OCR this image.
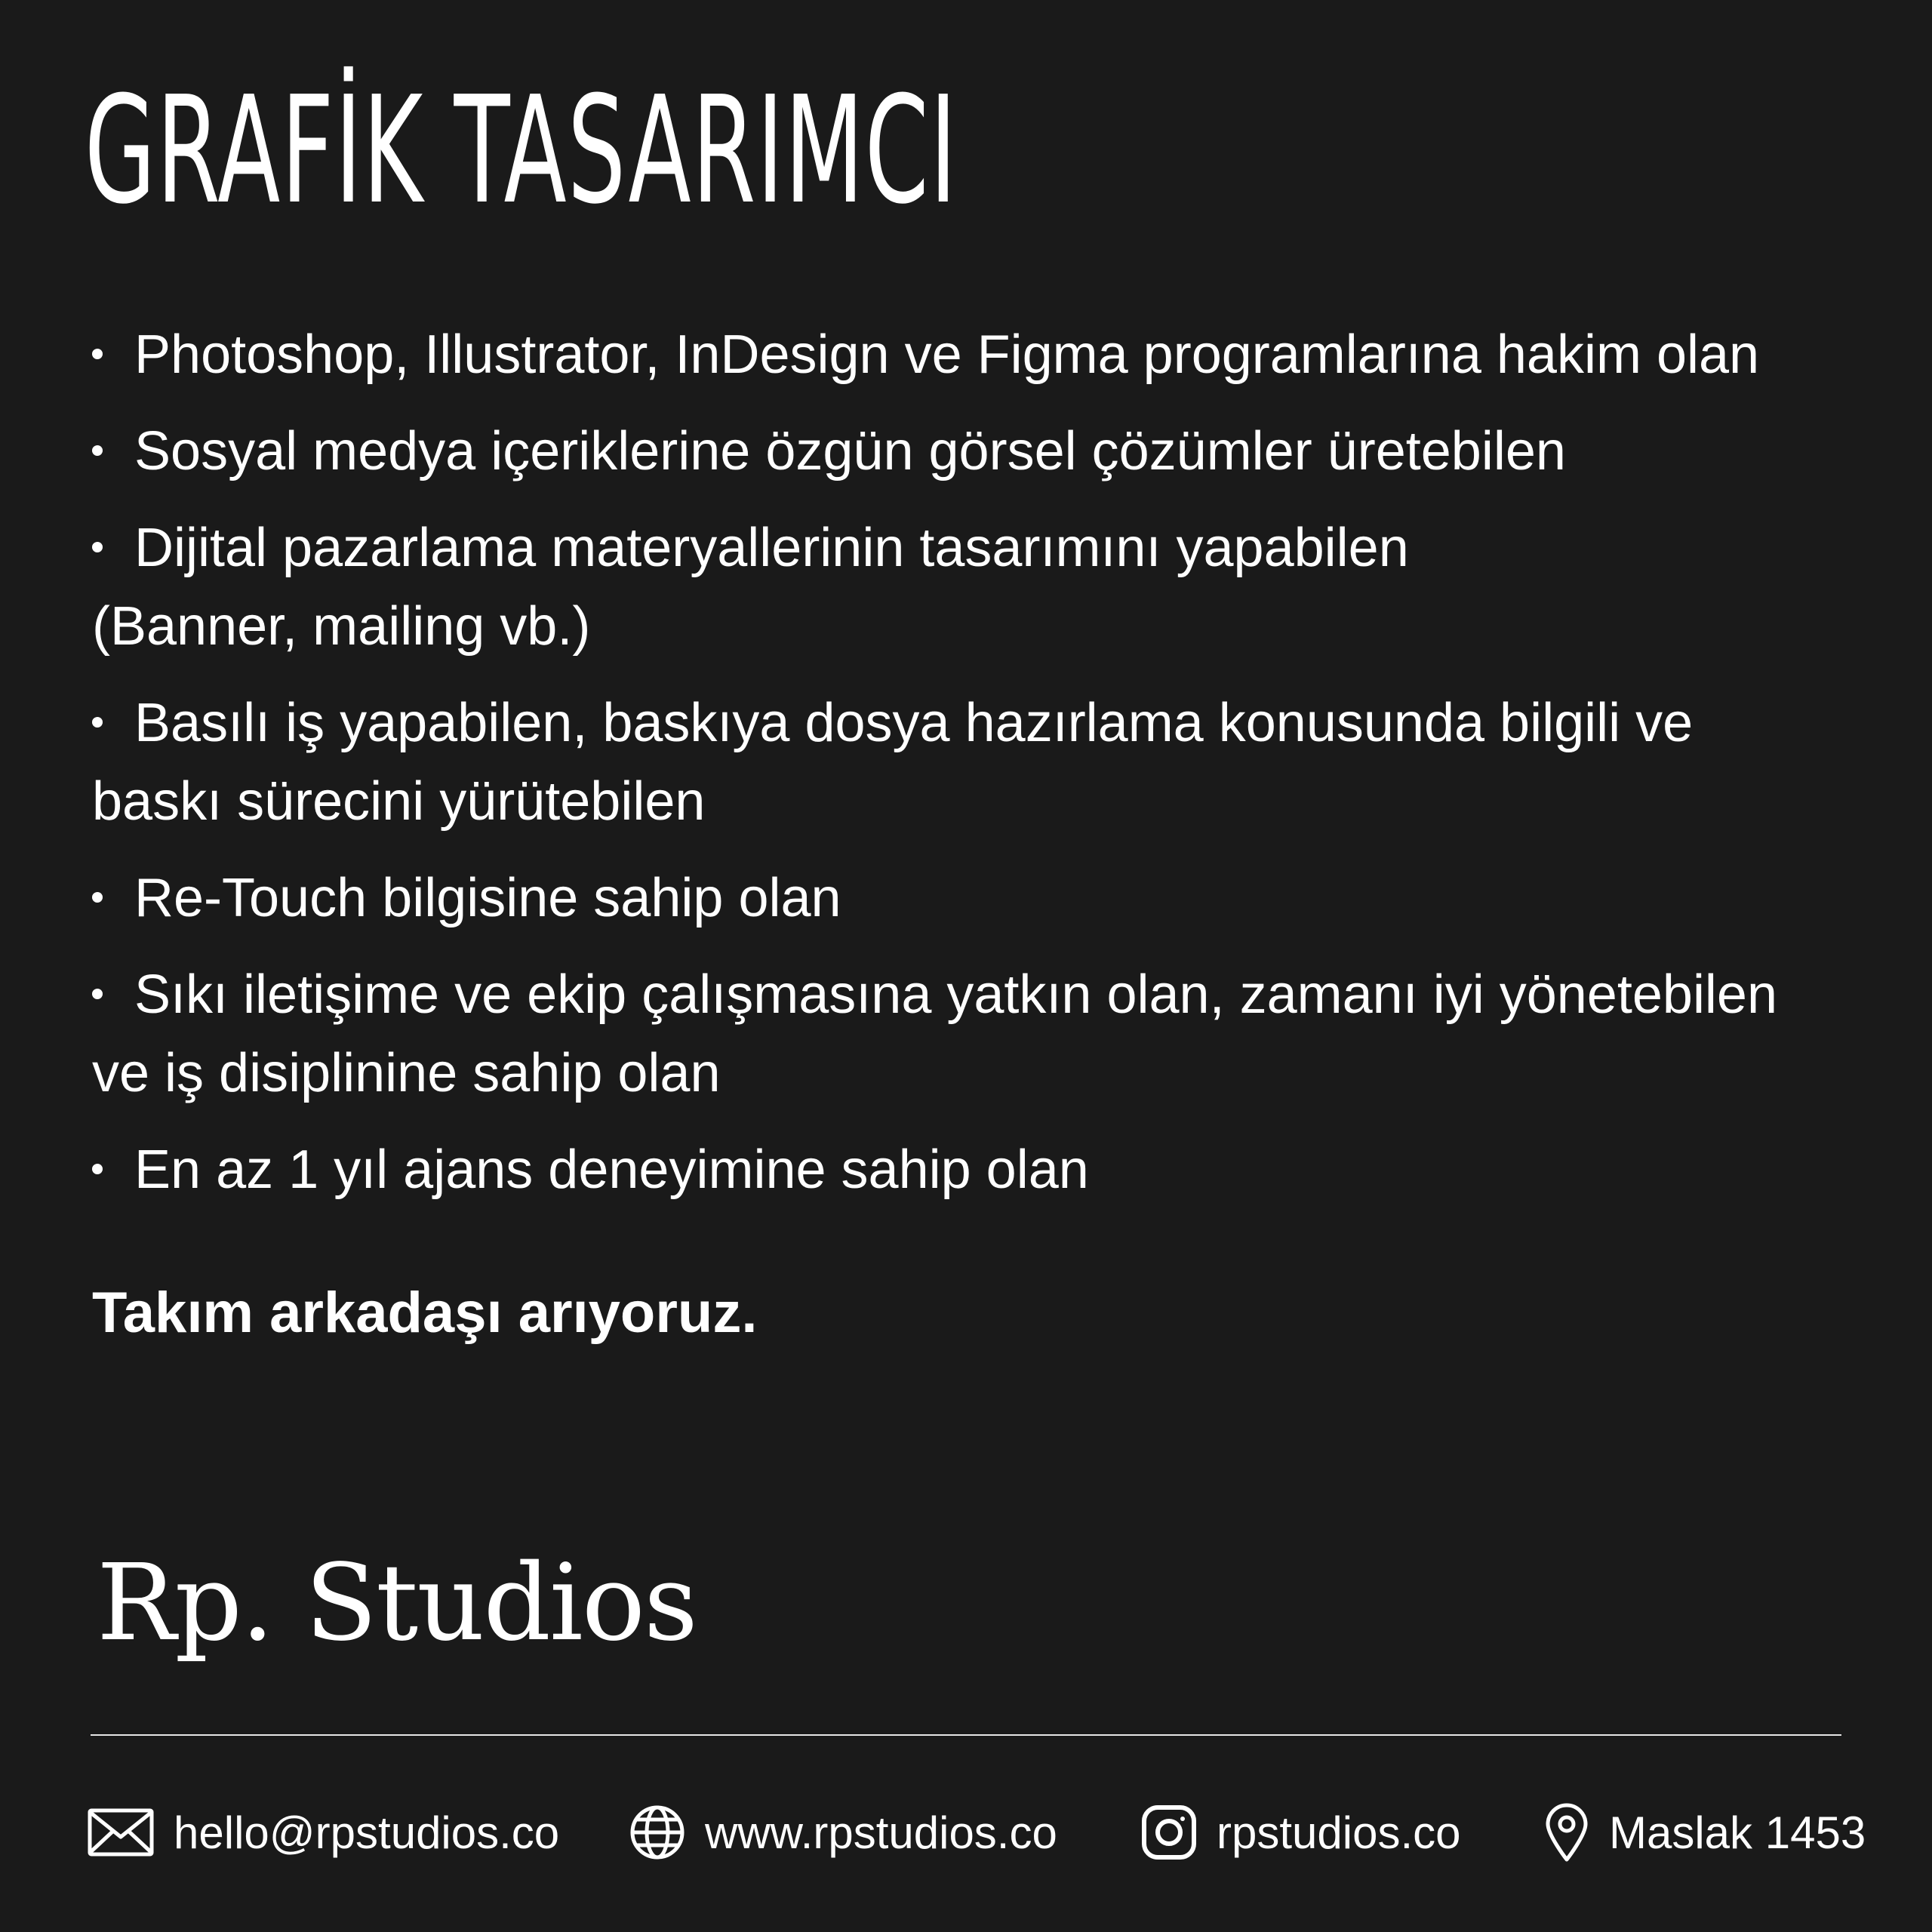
GRAFİK TASARIMCI
Photoshop, Illustrator, InDesign ve Figma programlarına hakim olan
Sosyal medya içeriklerine özgün görsel çözümler üretebilen
Dijital pazarlama materyallerinin tasarımını yapabilen
(Banner, mailing vb.)
Basılı iş yapabilen, baskıya dosya hazırlama konusunda bilgili ve
baskı sürecini yürütebilen
Re-Touch bilgisine sahip olan
Sıkı iletişime ve ekip çalışmasına yatkın olan, zamanı iyi yönetebilen
ve iş disiplinine sahip olan
En az 1 yıl ajans deneyimine sahip olan

Takım arkadaşı arıyoruz.

Rp. Studios
hello@rpstudios.co	www.rpstudios.co	rpstudios.co	Maslak 1453
